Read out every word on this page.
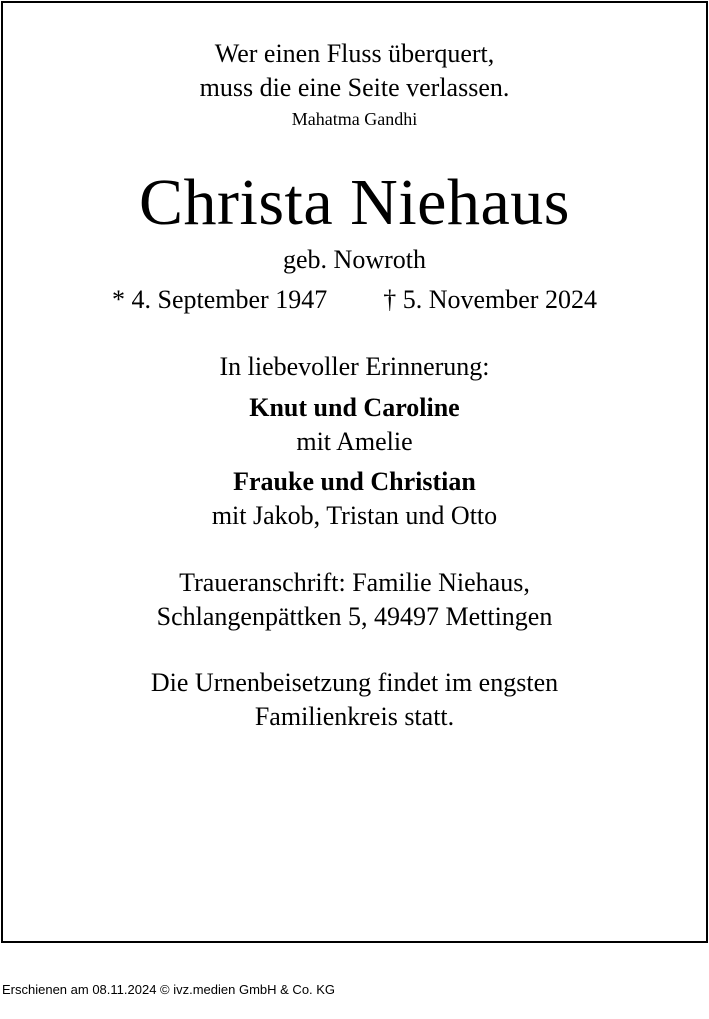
Wer einen Fluss überquert,
muss die eine Seite verlassen.
Mahatma Gandhi
Christa Niehaus
geb. Nowroth
* 4. September 1947 † 5. November 2024
In liebevoller Erinnerung:
Knut und Caroline
mit Amelie
Frauke und Christian
mit Jakob, Tristan und Otto
Traueranschrift: Familie Niehaus,
Schlangenpättken 5, 49497 Mettingen
Die Urnenbeisetzung findet im engsten
Familienkreis statt.
Erschienen am 08.11.2024 © ivz.medien GmbH & Co. KG
